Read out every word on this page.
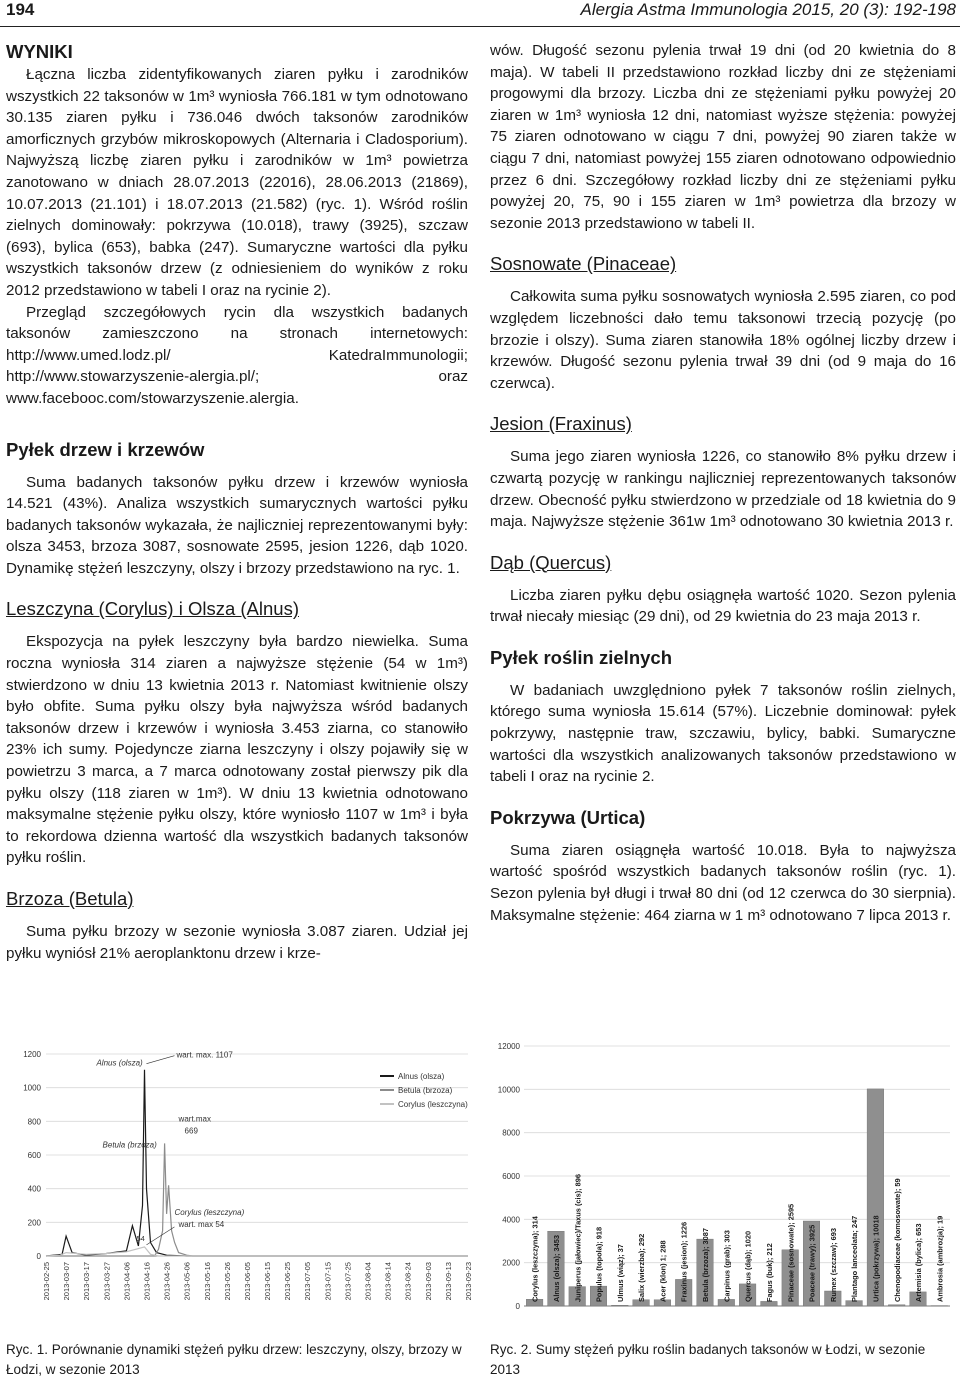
194	Alergia Astma Immunologia 2015, 20 (3): 192-198
WYNIKI

Łączna liczba zidentyfikowanych ziaren pyłku i zarodników wszystkich 22 taksonów w 1m³ wyniosła 766.181 w tym odnotowano 30.135 ziaren pyłku i 736.046 dwóch taksonów zarodników amorficznych grzybów mikroskopowych (Alternaria i Cladosporium). Najwyższą liczbę ziaren pyłku i zarodników w 1m³ powietrza zanotowano w dniach 28.07.2013 (22016), 28.06.2013 (21869), 10.07.2013 (21.101) i 18.07.2013 (21.582) (ryc. 1). Wśród roślin zielnych dominowały: pokrzywa (10.018), trawy (3925), szczaw (693), bylica (653), babka (247). Sumaryczne wartości dla pyłku wszystkich taksonów drzew (z odniesieniem do wyników z roku 2012 przedstawiono w tabeli I oraz na rycinie 2).

Przegląd szczegółowych rycin dla wszystkich badanych taksonów zamieszczono na stronach internetowych: http://www.umed.lodz.pl/ KatedraImmunologii; http://www.stowarzyszenie-alergia.pl/; oraz www.faceboоc.com/stowarzyszenie.alergia.

Pyłek drzew i krzewów

Suma badanych taksonów pyłku drzew i krzewów wyniosła 14.521 (43%). Analiza wszystkich sumarycznych wartości pyłku badanych taksonów wykazała, że najliczniej reprezentowanymi były: olsza 3453, brzoza 3087, sosnowate 2595, jesion 1226, dąb 1020. Dynamikę stężeń leszczyny, olszy i brzozy przedstawiono na ryc. 1.

Leszczyna (Corylus) i Olsza (Alnus)

Ekspozycja na pyłek leszczyny była bardzo niewielka. Suma roczna wyniosła 314 ziaren a najwyższe stężenie (54 w 1m³) stwierdzono w dniu 13 kwietnia 2013 r. Natomiast kwitnienie olszy było obfite. Suma pyłku olszy była najwyższa wśród badanych taksonów drzew i krzewów i wyniosła 3.453 ziarna, co stanowiło 23% ich sumy. Pojedyncze ziarna leszczyny i olszy pojawiły się w powietrzu 3 marca, a 7 marca odnotowany został pierwszy pik dla pyłku olszy (118 ziaren w 1m³). W dniu 13 kwietnia odnotowano maksymalne stężenie pyłku olszy, które wyniosło 1107 w 1m³ i była to rekordowa dzienna wartość dla wszystkich badanych taksonów pyłku roślin.

Brzoza (Betula)

Suma pyłku brzozy w sezonie wyniosła 3.087 ziaren. Udział jej pyłku wyniósł 21% aeroplanktonu drzew i krze-

wów. Długość sezonu pylenia trwał 19 dni (od 20 kwietnia do 8 maja). W tabeli II przedstawiono rozkład liczby dni ze stężeniami progowymi dla brzozy. Liczba dni ze stężeniami pyłku powyżej 20 ziaren w 1m³ wyniosła 12 dni, natomiast wyższe stężenia: powyżej 75 ziaren odnotowano w ciągu 7 dni, powyżej 90 ziaren także w ciągu 7 dni, natomiast powyżej 155 ziaren odnotowano odpowiednio przez 6 dni. Szczegółowy rozkład liczby dni ze stężeniami pyłku powyżej 20, 75, 90 i 155 ziaren w 1m³ powietrza dla brzozy w sezonie 2013 przedstawiono w tabeli II.

Sosnowate (Pinaceae)

Całkowita suma pyłku sosnowatych wyniosła 2.595 ziaren, co pod względem liczebności dało temu taksonowi trzecią pozycję (po brzozie i olszy). Suma ziaren stanowiła 18% ogólnej liczby drzew i krzewów. Długość sezonu pylenia trwał 39 dni (od 9 maja do 16 czerwca).

Jesion (Fraxinus)

Suma jego ziaren wyniosła 1226, co stanowiło 8% pyłku drzew i czwartą pozycję w rankingu najliczniej reprezentowanych taksonów drzew. Obecność pyłku stwierdzono w przedziale od 18 kwietnia do 9 maja. Najwyższe stężenie 361w 1m³ odnotowano 30 kwietnia 2013 r.

Dąb (Quercus)

Liczba ziaren pyłku dębu osiągnęła wartość 1020. Sezon pylenia trwał niecały miesiąc (29 dni), od 29 kwietnia do 23 maja 2013 r.

Pyłek roślin zielnych

W badaniach uwzględniono pyłek 7 taksonów roślin zielnych, którego suma wyniosła 15.614 (57%). Liczebnie dominował: pyłek pokrzywy, następnie traw, szczawiu, bylicy, babki. Sumaryczne wartości dla wszystkich analizowanych taksonów przedstawiono w tabeli I oraz na rycinie 2.

Pokrzywa (Urtica)

Suma ziaren osiągnęła wartość 10.018. Była to najwyższa wartość spośród wszystkich badanych taksonów roślin (ryc. 1). Sezon pylenia był długi i trwał 80 dni (od 12 czerwca do 30 sierpnia). Maksymalne stężenie: 464 ziarna w 1 m³ odnotowano 7 lipca 2013 r.

0
200
400
600
800
1000
1200
2013-02-25 2013-03-07 2013-03-17 2013-03-27 2013-04-06 2013-04-16 2013-04-26 2013-05-06 2013-05-16 2013-05-26 2013-06-05 2013-06-15 2013-06-25 2013-07-05 2013-07-15 2013-07-25 2013-08-04 2013-08-14 2013-08-24 2013-09-03 2013-09-13 2013-09-23
Alnus (olsza)
Betula (brzoza)
Corylus (leszczyna)
Alnus (olsza)
wart. max. 1107
Betula (brzoza)
wart.max
669
Corylus (leszczyna)
wart. max 54
54
0
2000
4000
6000
8000
10000
12000
Corylus (leszczyna); 314 Alnus (olsza); 3453 Juniperus (jałowiec)/Taxus (cis); 896 Populus (topola); 918 Ulmus (wiąz); 37 Salix (wierzba); 292 Acer (klon) 1; 288 Fraxinus (jesion); 1226 Betula (brzoza); 3087 Carpinus (grab); 303 Quercus (dąb); 1020 Fagus (buk); 212 Pinaceae (sosnowate); 2595 Poaceae (trawy); 3925 Rumex (szczaw); 693 Plantago lanceolata; 247 Urtica (pokrzywa); 10018 Chenopodiaceae (komosowate); 59 Artemisia (bylica); 653 Ambrosia (ambrozja); 19
Ryc. 1. Porównanie dynamiki stężeń pyłku drzew: leszczyny, olszy, brzozy w Łodzi, w sezonie 2013
Ryc. 2. Sumy stężeń pyłku roślin badanych taksonów w Łodzi, w sezonie 2013
